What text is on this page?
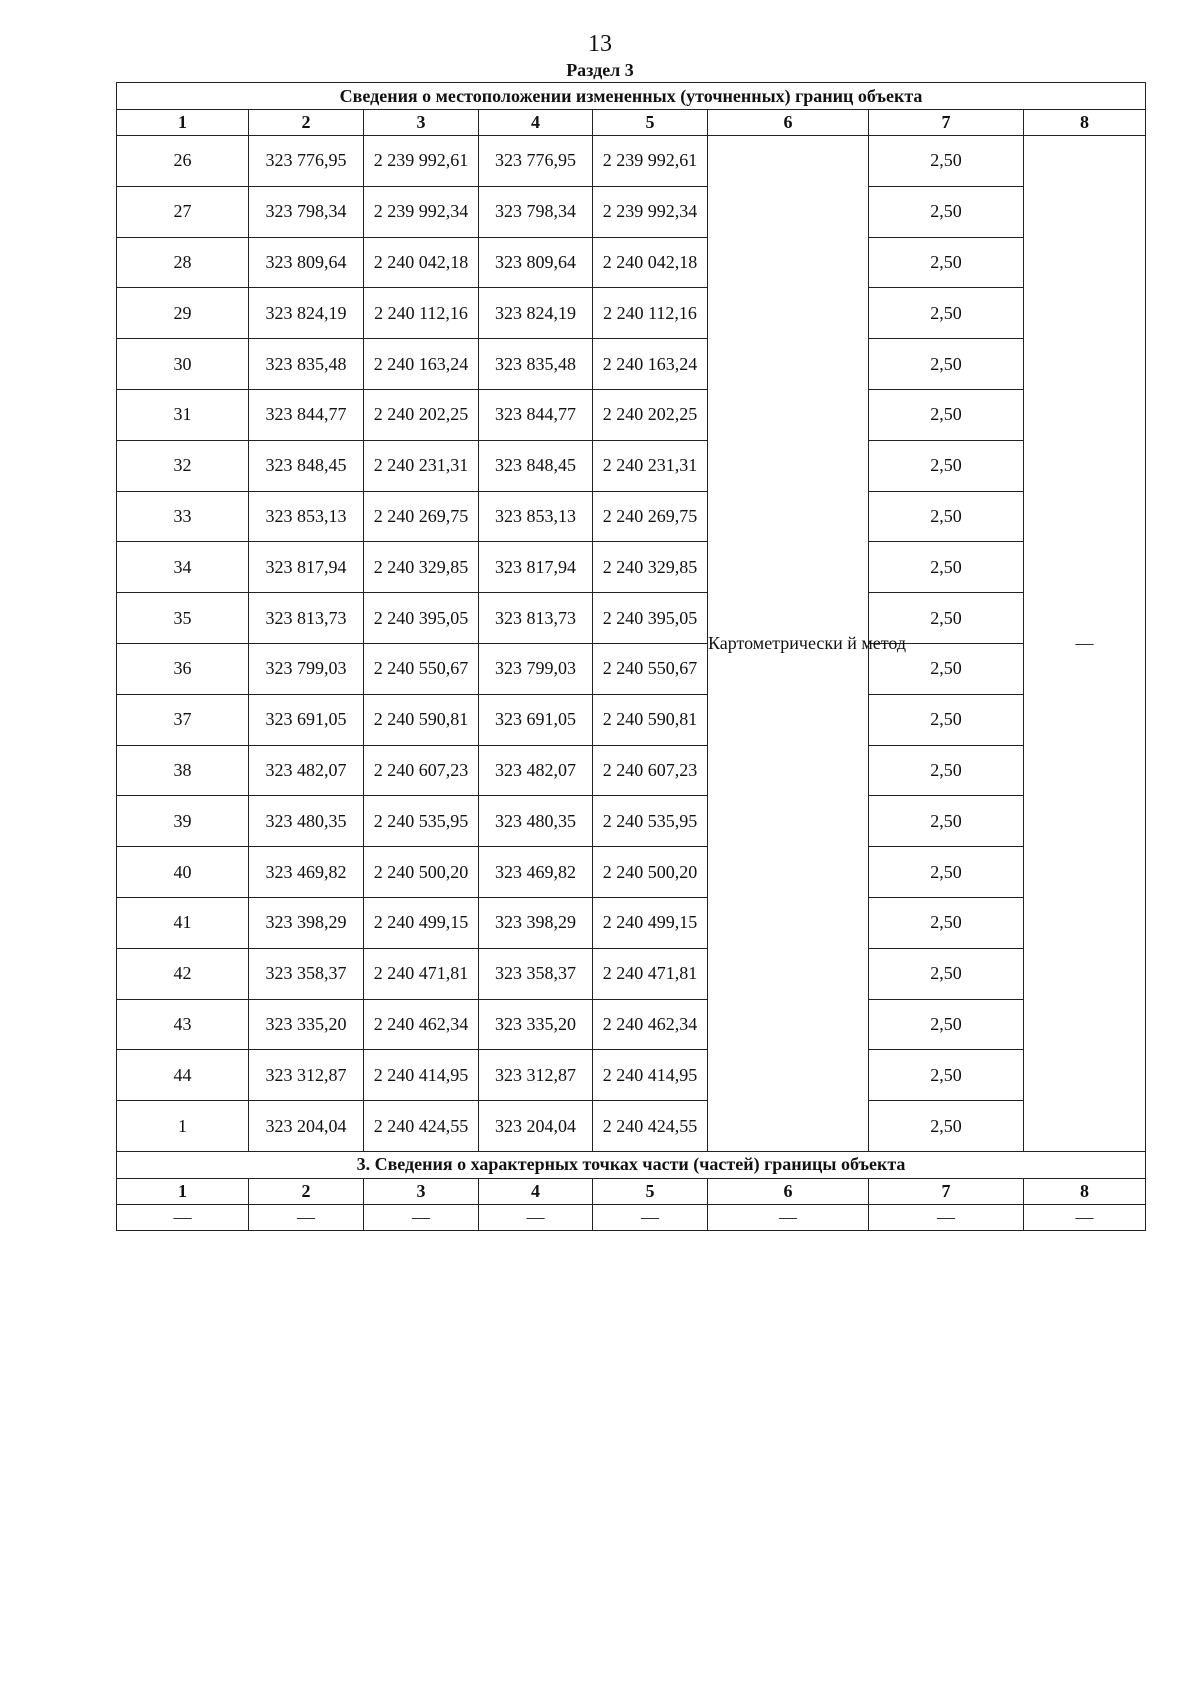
13
Раздел 3
Сведения о местоположении измененных (уточненных) границ объекта							
1	2	3	4	5	6	7	8
26	323 776,95	2 239 992,61	323 776,95	2 239 992,61	Картометрически й метод	2,50	—
27	323 798,34	2 239 992,34	323 798,34	2 239 992,34		2,50	
28	323 809,64	2 240 042,18	323 809,64	2 240 042,18		2,50	
29	323 824,19	2 240 112,16	323 824,19	2 240 112,16		2,50	
30	323 835,48	2 240 163,24	323 835,48	2 240 163,24		2,50	
31	323 844,77	2 240 202,25	323 844,77	2 240 202,25		2,50	
32	323 848,45	2 240 231,31	323 848,45	2 240 231,31		2,50	
33	323 853,13	2 240 269,75	323 853,13	2 240 269,75		2,50	
34	323 817,94	2 240 329,85	323 817,94	2 240 329,85		2,50	
35	323 813,73	2 240 395,05	323 813,73	2 240 395,05		2,50	
36	323 799,03	2 240 550,67	323 799,03	2 240 550,67		2,50	
37	323 691,05	2 240 590,81	323 691,05	2 240 590,81		2,50	
38	323 482,07	2 240 607,23	323 482,07	2 240 607,23		2,50	
39	323 480,35	2 240 535,95	323 480,35	2 240 535,95		2,50	
40	323 469,82	2 240 500,20	323 469,82	2 240 500,20		2,50	
41	323 398,29	2 240 499,15	323 398,29	2 240 499,15		2,50	
42	323 358,37	2 240 471,81	323 358,37	2 240 471,81		2,50	
43	323 335,20	2 240 462,34	323 335,20	2 240 462,34		2,50	
44	323 312,87	2 240 414,95	323 312,87	2 240 414,95		2,50	
1	323 204,04	2 240 424,55	323 204,04	2 240 424,55		2,50	
3. Сведения о характерных точках части (частей) границы объекта							
1	2	3	4	5	6	7	8
—	—	—	—	—	—	—	—
